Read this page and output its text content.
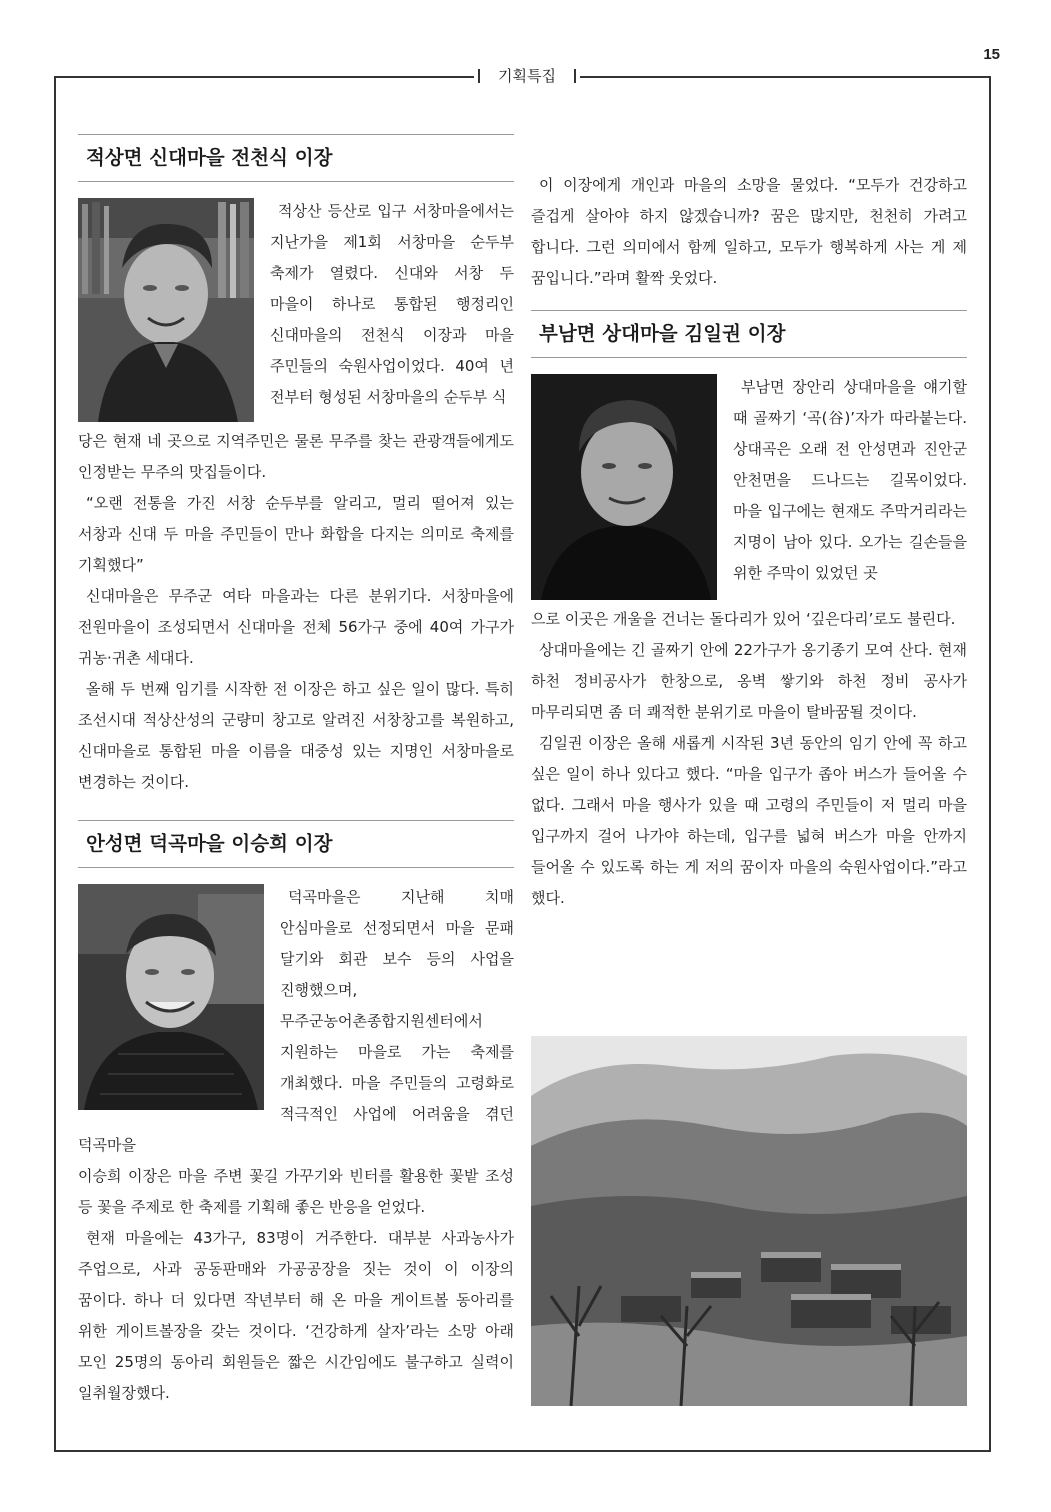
15
기획특집
적상면 신대마을 전천식 이장

적상산 등산로 입구 서창마을에서는 지난가을 제1회 서창마을 순두부 축제가 열렸다. 신대와 서창 두 마을이 하나로 통합된 행정리인 신대마을의 전천식 이장과 마을 주민들의 숙원사업이었다. 40여 년 전부터 형성된 서창마을의 순두부 식

당은 현재 네 곳으로 지역주민은 물론 무주를 찾는 관광객들에게도 인정받는 무주의 맛집들이다.

“오랜 전통을 가진 서창 순두부를 알리고, 멀리 떨어져 있는 서창과 신대 두 마을 주민들이 만나 화합을 다지는 의미로 축제를 기획했다”

신대마을은 무주군 여타 마을과는 다른 분위기다. 서창마을에 전원마을이 조성되면서 신대마을 전체 56가구 중에 40여 가구가 귀농·귀촌 세대다.

올해 두 번째 임기를 시작한 전 이장은 하고 싶은 일이 많다. 특히 조선시대 적상산성의 군량미 창고로 알려진 서창창고를 복원하고, 신대마을로 통합된 마을 이름을 대중성 있는 지명인 서창마을로 변경하는 것이다.

안성면 덕곡마을 이승희 이장

덕곡마을은 지난해 치매 안심마을로 선정되면서 마을 문패 달기와 회관 보수 등의 사업을 진행했으며, 무주군농어촌종합지원센터에서 지원하는 마을로 가는 축제를 개최했다. 마을 주민들의 고령화로 적극적인 사업에 어려움을 겪던 덕곡마을

이승희 이장은 마을 주변 꽃길 가꾸기와 빈터를 활용한 꽃밭 조성 등 꽃을 주제로 한 축제를 기획해 좋은 반응을 얻었다.

현재 마을에는 43가구, 83명이 거주한다. 대부분 사과농사가 주업으로, 사과 공동판매와 가공공장을 짓는 것이 이 이장의 꿈이다. 하나 더 있다면 작년부터 해 온 마을 게이트볼 동아리를 위한 게이트볼장을 갖는 것이다. ‘건강하게 살자’라는 소망 아래 모인 25명의 동아리 회원들은 짧은 시간임에도 불구하고 실력이 일취월장했다.

이 이장에게 개인과 마을의 소망을 물었다. “모두가 건강하고 즐겁게 살아야 하지 않겠습니까? 꿈은 많지만, 천천히 가려고 합니다. 그런 의미에서 함께 일하고, 모두가 행복하게 사는 게 제 꿈입니다.”라며 활짝 웃었다.

부남면 상대마을 김일권 이장

부남면 장안리 상대마을을 얘기할 때 골짜기 ‘곡(谷)’자가 따라붙는다. 상대곡은 오래 전 안성면과 진안군 안천면을 드나드는 길목이었다. 마을 입구에는 현재도 주막거리라는 지명이 남아 있다. 오가는 길손들을 위한 주막이 있었던 곳

으로 이곳은 개울을 건너는 돌다리가 있어 ‘깊은다리’로도 불린다.

상대마을에는 긴 골짜기 안에 22가구가 옹기종기 모여 산다. 현재 하천 정비공사가 한창으로, 옹벽 쌓기와 하천 정비 공사가 마무리되면 좀 더 쾌적한 분위기로 마을이 탈바꿈될 것이다.

김일권 이장은 올해 새롭게 시작된 3년 동안의 임기 안에 꼭 하고 싶은 일이 하나 있다고 했다. “마을 입구가 좁아 버스가 들어올 수 없다. 그래서 마을 행사가 있을 때 고령의 주민들이 저 멀리 마을 입구까지 걸어 나가야 하는데, 입구를 넓혀 버스가 마을 안까지 들어올 수 있도록 하는 게 저의 꿈이자 마을의 숙원사업이다.”라고 했다.
